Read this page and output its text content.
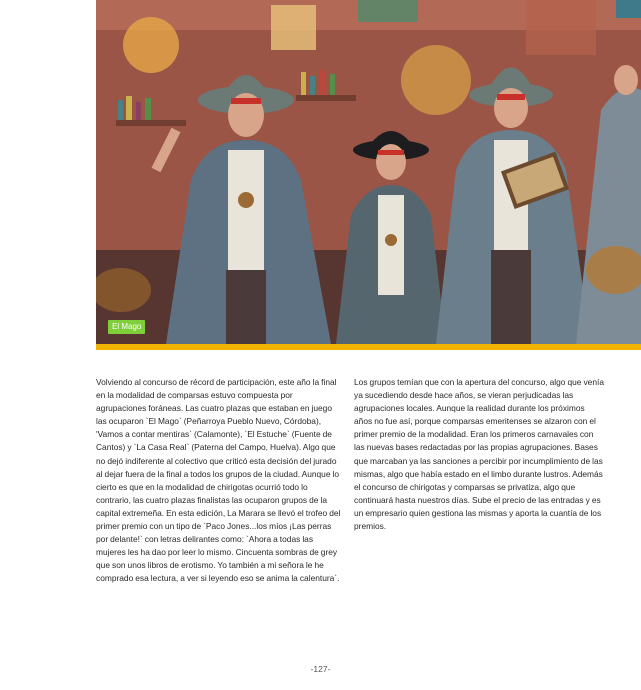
El Mago

Volviendo al concurso de récord de participación, este año la final en la modalidad de comparsas estuvo compuesta por agrupaciones foráneas. Las cuatro plazas que estaban en juego las ocuparon `El Mago` (Peñarroya Pueblo Nuevo, Córdoba), 'Vamos a contar mentiras` (Calamonte), `El Estuche` (Fuente de Cantos) y `La Casa Real` (Paterna del Campo, Huelva). Algo que no dejó indiferente al colectivo que criticó esta decisión del jurado al dejar fuera de la final a todos los grupos de la ciudad. Aunque lo cierto es que en la modalidad de chirigotas ocurrió todo lo contrario, las cuatro plazas finalistas las ocuparon grupos de la capital extremeña. En esta edición, La Marara se llevó el trofeo del primer premio con un tipo de `Paco Jones...los míos ¡Las perras por delante!` con letras delirantes como: `Ahora a todas las mujeres les ha dao por leer lo mismo. Cincuenta sombras de grey que son unos libros de erotismo. Yo también a mi señora le he comprado esa lectura, a ver si leyendo eso se anima la calentura`.

Los grupos temían que con la apertura del concurso, algo que venía ya sucediendo desde hace años, se vieran perjudicadas las agrupaciones locales. Aunque la realidad durante los próximos años no fue así, porque comparsas emeritenses se alzaron con el primer premio de la modalidad. Eran los primeros carnavales con las nuevas bases redactadas por las propias agrupaciones. Bases que marcaban ya las sanciones a percibir por incumplimiento de las mismas, algo que había estado en el limbo durante lustros. Además el concurso de chirigotas y comparsas se privatiza, algo que continuará hasta nuestros días. Sube el precio de las entradas y es un empresario quien gestiona las mismas y aporta la cuantía de los premios.

-127-
